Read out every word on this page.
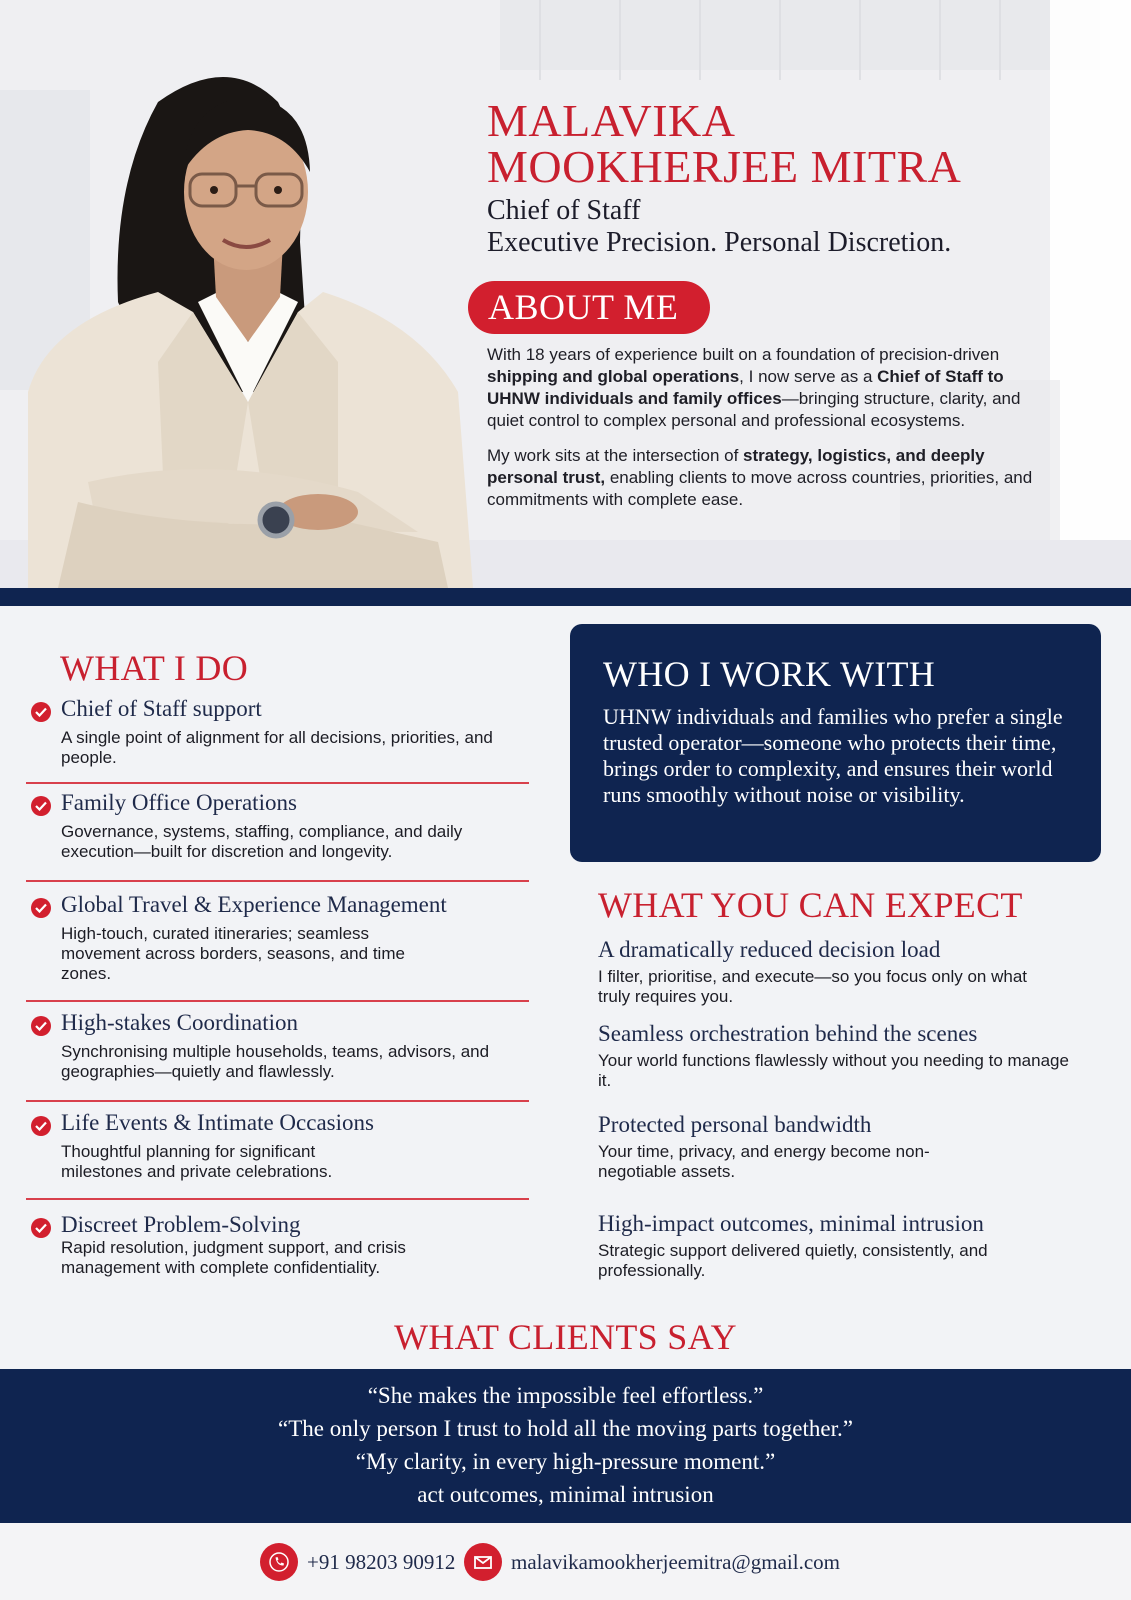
MALAVIKA
MOOKHERJEE MITRA
Chief of Staff
Executive Precision. Personal Discretion.
ABOUT ME

With 18 years of experience built on a foundation of precision-driven shipping and global operations, I now serve as a Chief of Staff to UHNW individuals and family offices—bringing structure, clarity, and quiet control to complex personal and professional ecosystems.

My work sits at the intersection of strategy, logistics, and deeply personal trust, enabling clients to move across countries, priorities, and commitments with complete ease.

WHAT I DO
Chief of Staff support
A single point of alignment for all decisions, priorities, and people.
Family Office Operations
Governance, systems, staffing, compliance, and daily execution—built for discretion and longevity.
Global Travel & Experience Management
High-touch, curated itineraries; seamless movement across borders, seasons, and time zones.
High-stakes Coordination
Synchronising multiple households, teams, advisors, and geographies—quietly and flawlessly.
Life Events & Intimate Occasions
Thoughtful planning for significant milestones and private celebrations.
Discreet Problem-Solving
Rapid resolution, judgment support, and crisis management with complete confidentiality.
WHO I WORK WITH
UHNW individuals and families who prefer a single trusted operator—someone who protects their time, brings order to complexity, and ensures their world runs smoothly without noise or visibility.
WHAT YOU CAN EXPECT
A dramatically reduced decision load
I filter, prioritise, and execute—so you focus only on what truly requires you.
Seamless orchestration behind the scenes
Your world functions flawlessly without you needing to manage it.
Protected personal bandwidth
Your time, privacy, and energy become non-negotiable assets.
High-impact outcomes, minimal intrusion
Strategic support delivered quietly, consistently, and professionally.
WHAT CLIENTS SAY
“She makes the impossible feel effortless.”
“The only person I trust to hold all the moving parts together.”
“My clarity, in every high-pressure moment.”
act outcomes, minimal intrusion
+91 98203 90912	malavikamookherjeemitra@gmail.com
